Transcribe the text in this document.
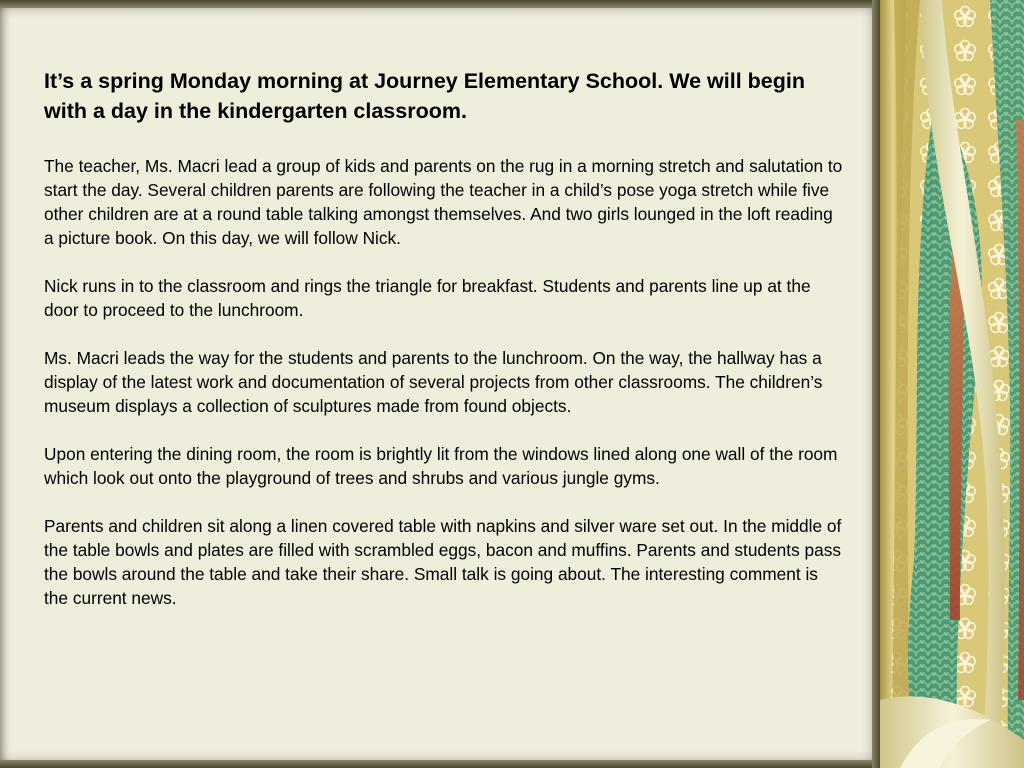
It’s a spring Monday morning at Journey Elementary School. We will begin with a day in the kindergarten classroom.

The teacher, Ms. Macri lead a group of kids and parents on the rug in a morning stretch and salutation to start the day. Several children parents are following the teacher in a child’s pose yoga stretch while five other children are at a round table talking amongst themselves. And two girls lounged in the loft reading a picture book. On this day, we will follow Nick.

Nick runs in to the classroom and rings the triangle for breakfast. Students and parents line up at the door to proceed to the lunchroom.

Ms. Macri leads the way for the students and parents to the lunchroom. On the way, the hallway has a display of the latest work and documentation of several projects from other classrooms. The children’s museum displays a collection of sculptures made from found objects.

Upon entering the dining room, the room is brightly lit from the windows lined along one wall of the room which look out onto the playground of trees and shrubs and various jungle gyms.

Parents and children sit along a linen covered table with napkins and silver ware set out. In the middle of the table bowls and plates are filled with scrambled eggs, bacon and muffins. Parents and students pass the bowls around the table and take their share. Small talk is going about. The interesting comment is the current news.
